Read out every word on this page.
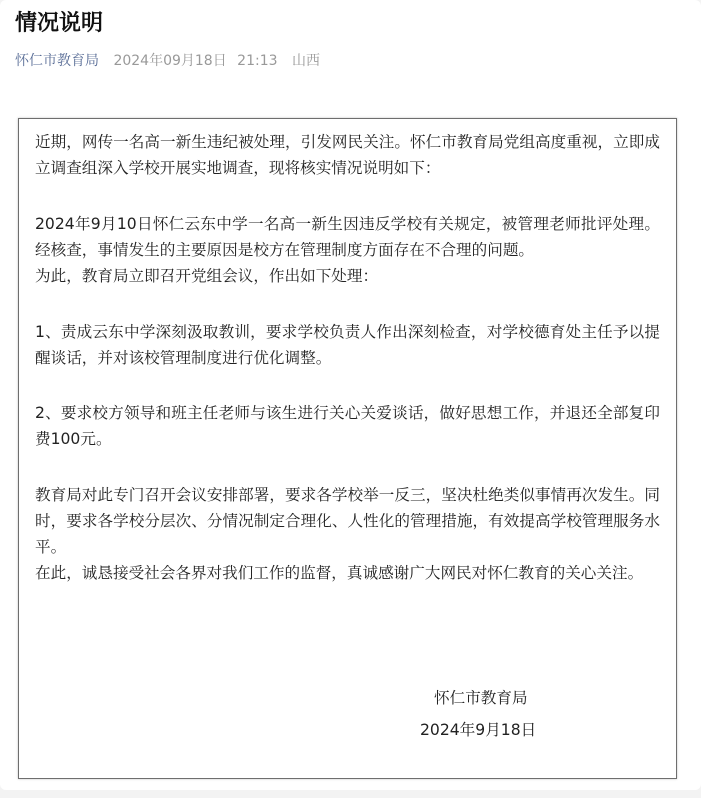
情况说明
怀仁市教育局 2024年09月18日 21:13 山西

近期，网传一名高一新生违纪被处理，引发网民关注。怀仁市教育局党组高度重视，立即成立调查组深入学校开展实地调查，现将核实情况说明如下：

2024年9月10日怀仁云东中学一名高一新生因违反学校有关规定，被管理老师批评处理。经核查，事情发生的主要原因是校方在管理制度方面存在不合理的问题。

为此，教育局立即召开党组会议，作出如下处理：

1、责成云东中学深刻汲取教训，要求学校负责人作出深刻检查，对学校德育处主任予以提醒谈话，并对该校管理制度进行优化调整。

2、要求校方领导和班主任老师与该生进行关心关爱谈话，做好思想工作，并退还全部复印费100元。

教育局对此专门召开会议安排部署，要求各学校举一反三，坚决杜绝类似事情再次发生。同时，要求各学校分层次、分情况制定合理化、人性化的管理措施，有效提高学校管理服务水平。

在此，诚恳接受社会各界对我们工作的监督，真诚感谢广大网民对怀仁教育的关心关注。

怀仁市教育局

2024年9月18日
